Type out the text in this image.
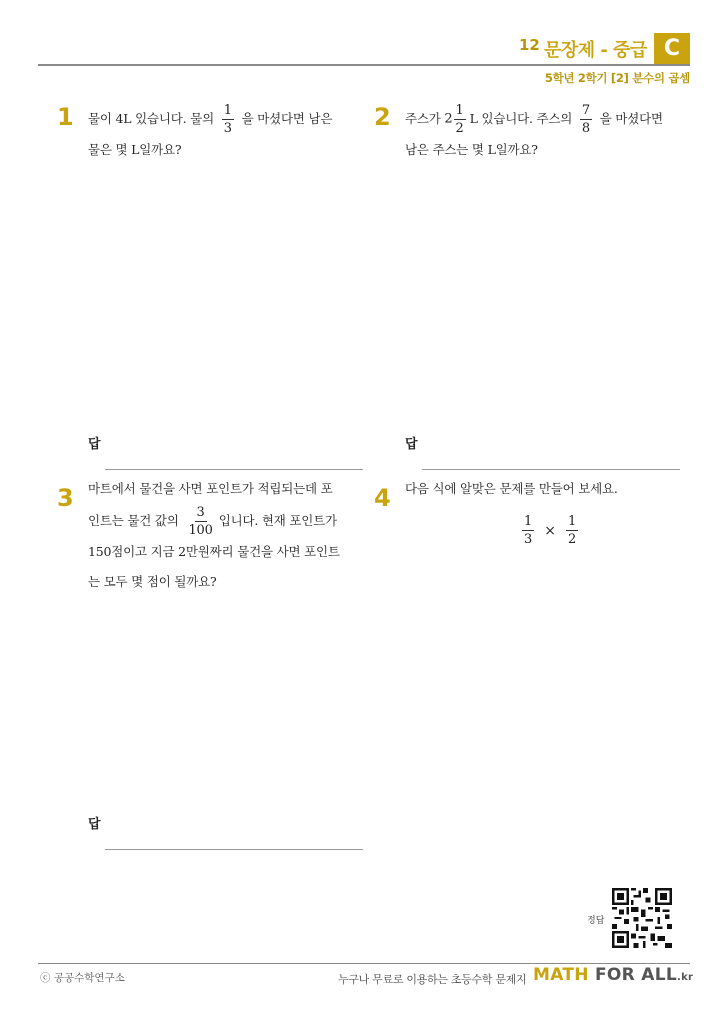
12 문장제 - 중급 C
5학년 2학기 [2] 분수의 곱셈
1 물이 4L 있습니다. 물의 $\frac{1}{3}$ 을 마셨다면 남은
물은 몇 L일까요?
답
2 주스가 $2 \frac{1}{2}$ L 있습니다. 주스의 $\frac{7}{8}$ 을 마셨다면
남은 주스는 몇 L일까요?
답
3 마트에서 물건을 사면 포인트가 적립되는데 포
인트는 물건 값의 $\frac{3}{100}$ 입니다. 현재 포인트가
150점이고 지금 2만원짜리 물건을 사면 포인트
는 모두 몇 점이 될까요?
답
4 다음 식에 알맞은 문제를 만들어 보세요.
$\frac{1}{3} \times \frac{1}{2}$
정답
ⓒ 공공수학연구소	누구나 무료로 이용하는 초등수학 문제지 MATH FOR ALL.kr
